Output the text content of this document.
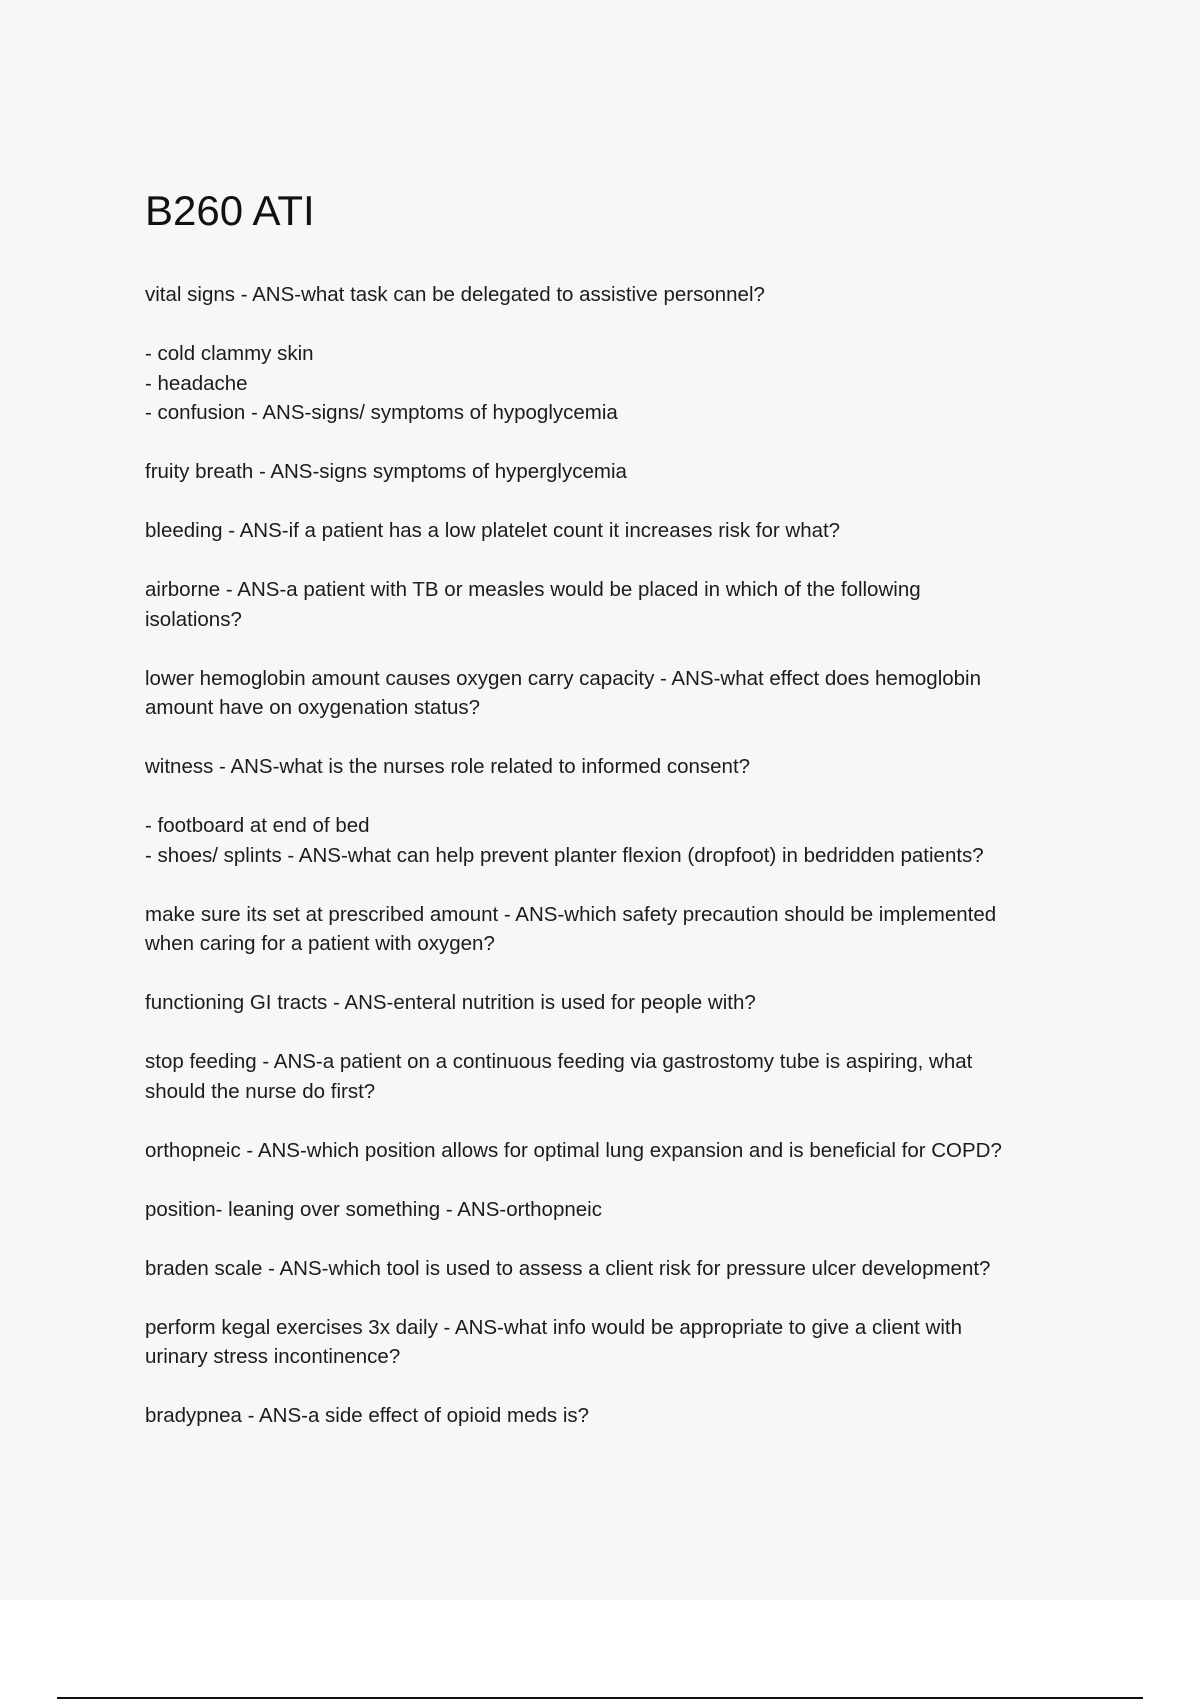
B260 ATI
vital signs - ANS-what task can be delegated to assistive personnel?
- cold clammy skin
- headache
- confusion - ANS-signs/ symptoms of hypoglycemia
fruity breath - ANS-signs symptoms of hyperglycemia
bleeding - ANS-if a patient has a low platelet count it increases risk for what?
airborne - ANS-a patient with TB or measles would be placed in which of the following
isolations?
lower hemoglobin amount causes oxygen carry capacity - ANS-what effect does hemoglobin
amount have on oxygenation status?
witness - ANS-what is the nurses role related to informed consent?
- footboard at end of bed
- shoes/ splints - ANS-what can help prevent planter flexion (dropfoot) in bedridden patients?
make sure its set at prescribed amount - ANS-which safety precaution should be implemented
when caring for a patient with oxygen?
functioning GI tracts - ANS-enteral nutrition is used for people with?
stop feeding - ANS-a patient on a continuous feeding via gastrostomy tube is aspiring, what
should the nurse do first?
orthopneic - ANS-which position allows for optimal lung expansion and is beneficial for COPD?
position- leaning over something - ANS-orthopneic
braden scale - ANS-which tool is used to assess a client risk for pressure ulcer development?
perform kegal exercises 3x daily - ANS-what info would be appropriate to give a client with
urinary stress incontinence?
bradypnea - ANS-a side effect of opioid meds is?
